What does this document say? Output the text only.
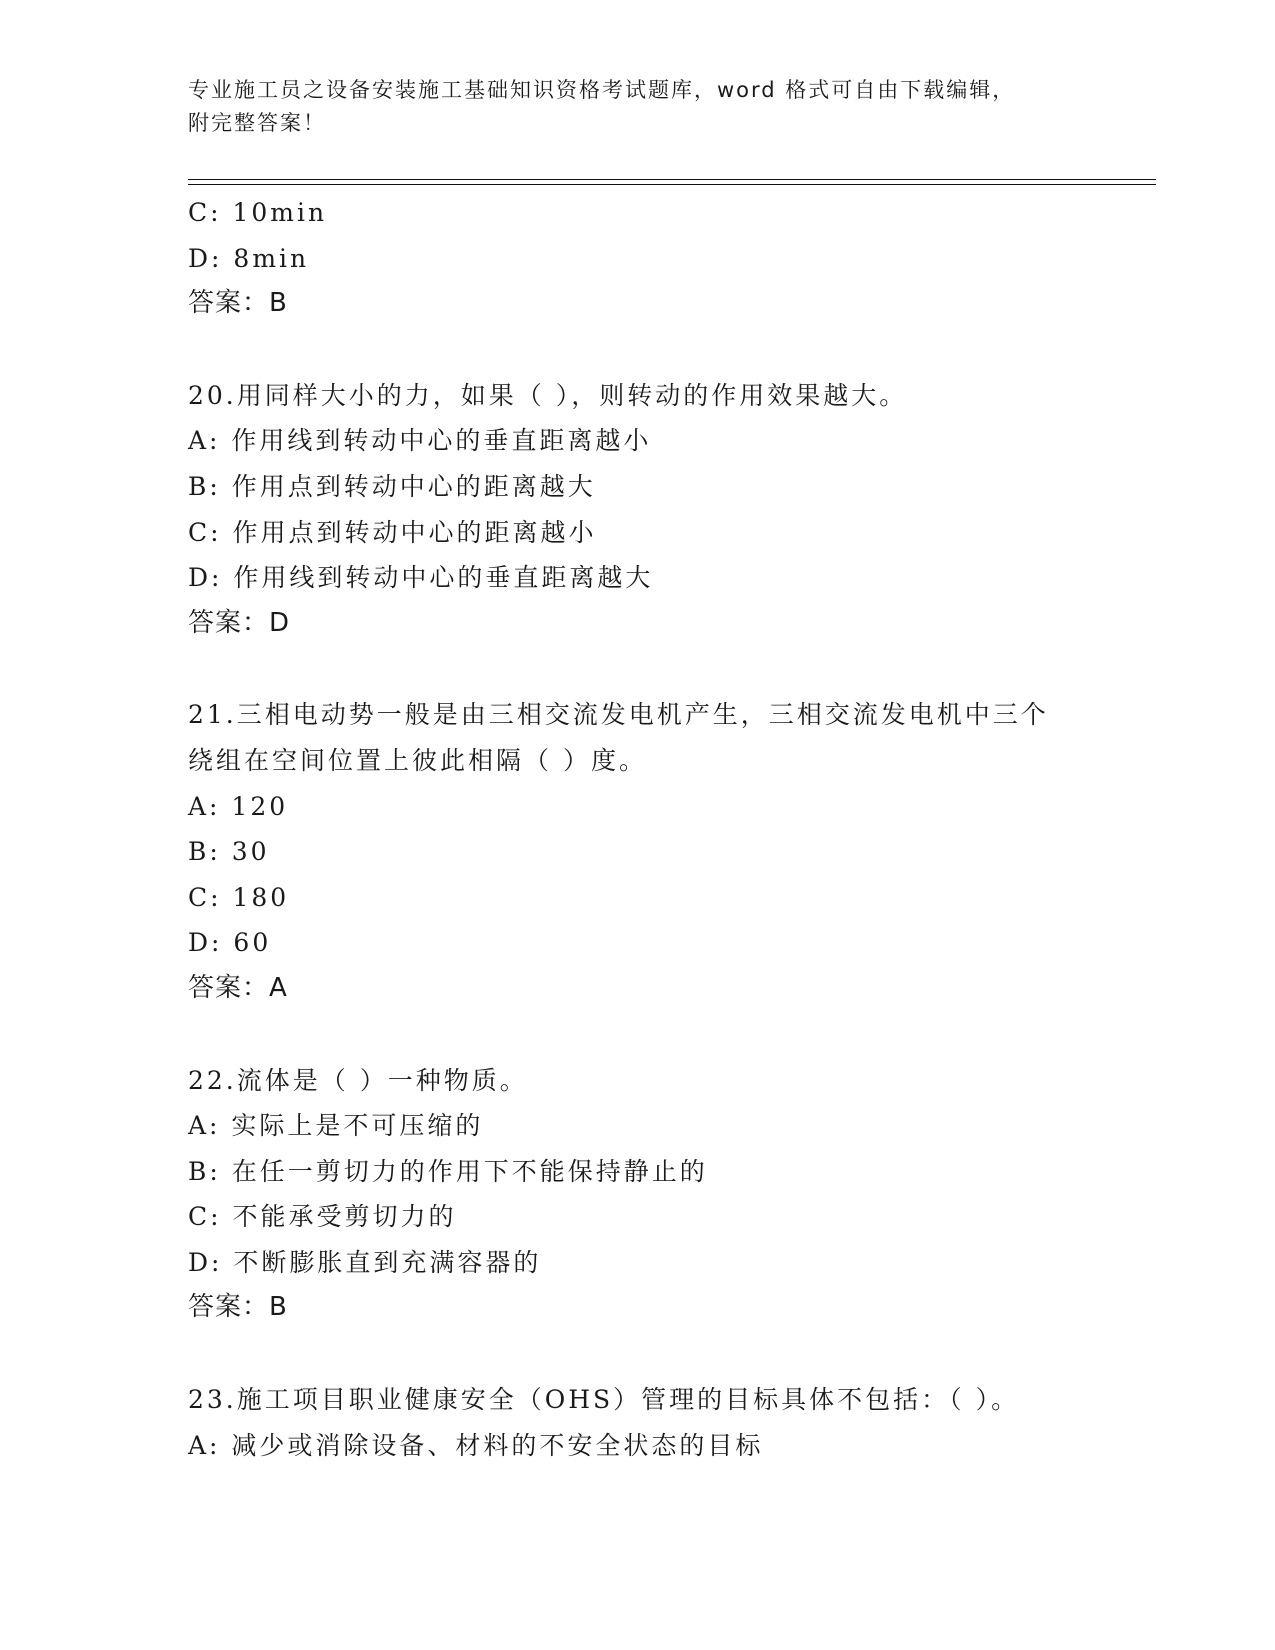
专业施工员之设备安装施工基础知识资格考试题库，word 格式可自由下载编辑，
附完整答案！
C: 10min
D: 8min
答案：B
20.用同样大小的力，如果（ ），则转动的作用效果越大。
A: 作用线到转动中心的垂直距离越小
B: 作用点到转动中心的距离越大
C: 作用点到转动中心的距离越小
D: 作用线到转动中心的垂直距离越大
答案：D
21.三相电动势一般是由三相交流发电机产生，三相交流发电机中三个
绕组在空间位置上彼此相隔（ ）度。
A: 120
B: 30
C: 180
D: 60
答案：A
22.流体是（ ）一种物质。
A: 实际上是不可压缩的
B: 在任一剪切力的作用下不能保持静止的
C: 不能承受剪切力的
D: 不断膨胀直到充满容器的
答案：B
23.施工项目职业健康安全（OHS）管理的目标具体不包括：（ ）。
A: 减少或消除设备、材料的不安全状态的目标
